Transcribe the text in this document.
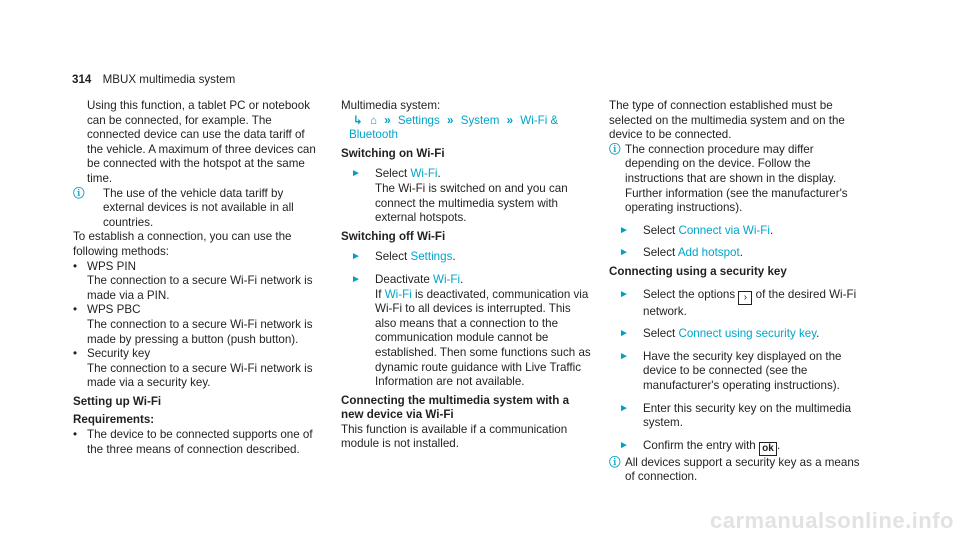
314 MBUX multimedia system

Using this function, a tablet PC or notebook can be connected, for example. The connected device can use the data tariff of the vehicle. A maximum of three devices can be connected with the hotspot at the same time.

ⓘ	The use of the vehicle data tariff by external devices is not available in all countries.

To establish a connection, you can use the following methods:

• WPS PIN

The connection to a secure Wi-Fi network is made via a PIN.

• WPS PBC

The connection to a secure Wi-Fi network is made by pressing a button (push button).

• Security key

The connection to a secure Wi-Fi network is made via a security key.

Setting up Wi-Fi

Requirements:

• The device to be connected supports one of the three means of connection described.

Multimedia system:

↳ ⌂ » Settings » System » Wi-Fi & Bluetooth

Switching on Wi-Fi

► Select Wi-Fi.
The Wi-Fi is switched on and you can connect the multimedia system with external hotspots.

Switching off Wi-Fi

► Select Settings.

► Deactivate Wi-Fi.
If Wi-Fi is deactivated, communication via Wi-Fi to all devices is interrupted. This also means that a connection to the communication module cannot be established. Then some functions such as dynamic route guidance with Live Traffic Information are not available.

Connecting the multimedia system with a new device via Wi-Fi

This function is available if a communication module is not installed.

The type of connection established must be selected on the multimedia system and on the device to be connected.

ⓘ The connection procedure may differ depending on the device. Follow the instructions that are shown in the display. Further information (see the manufacturer's operating instructions).

► Select Connect via Wi-Fi.

► Select Add hotspot.

Connecting using a security key

► Select the options › of the desired Wi-Fi network.

► Select Connect using security key.

► Have the security key displayed on the device to be connected (see the manufacturer's operating instructions).

► Enter this security key on the multimedia system.

► Confirm the entry with ok .

ⓘ All devices support a security key as a means of connection.

carmanualsonline.info
